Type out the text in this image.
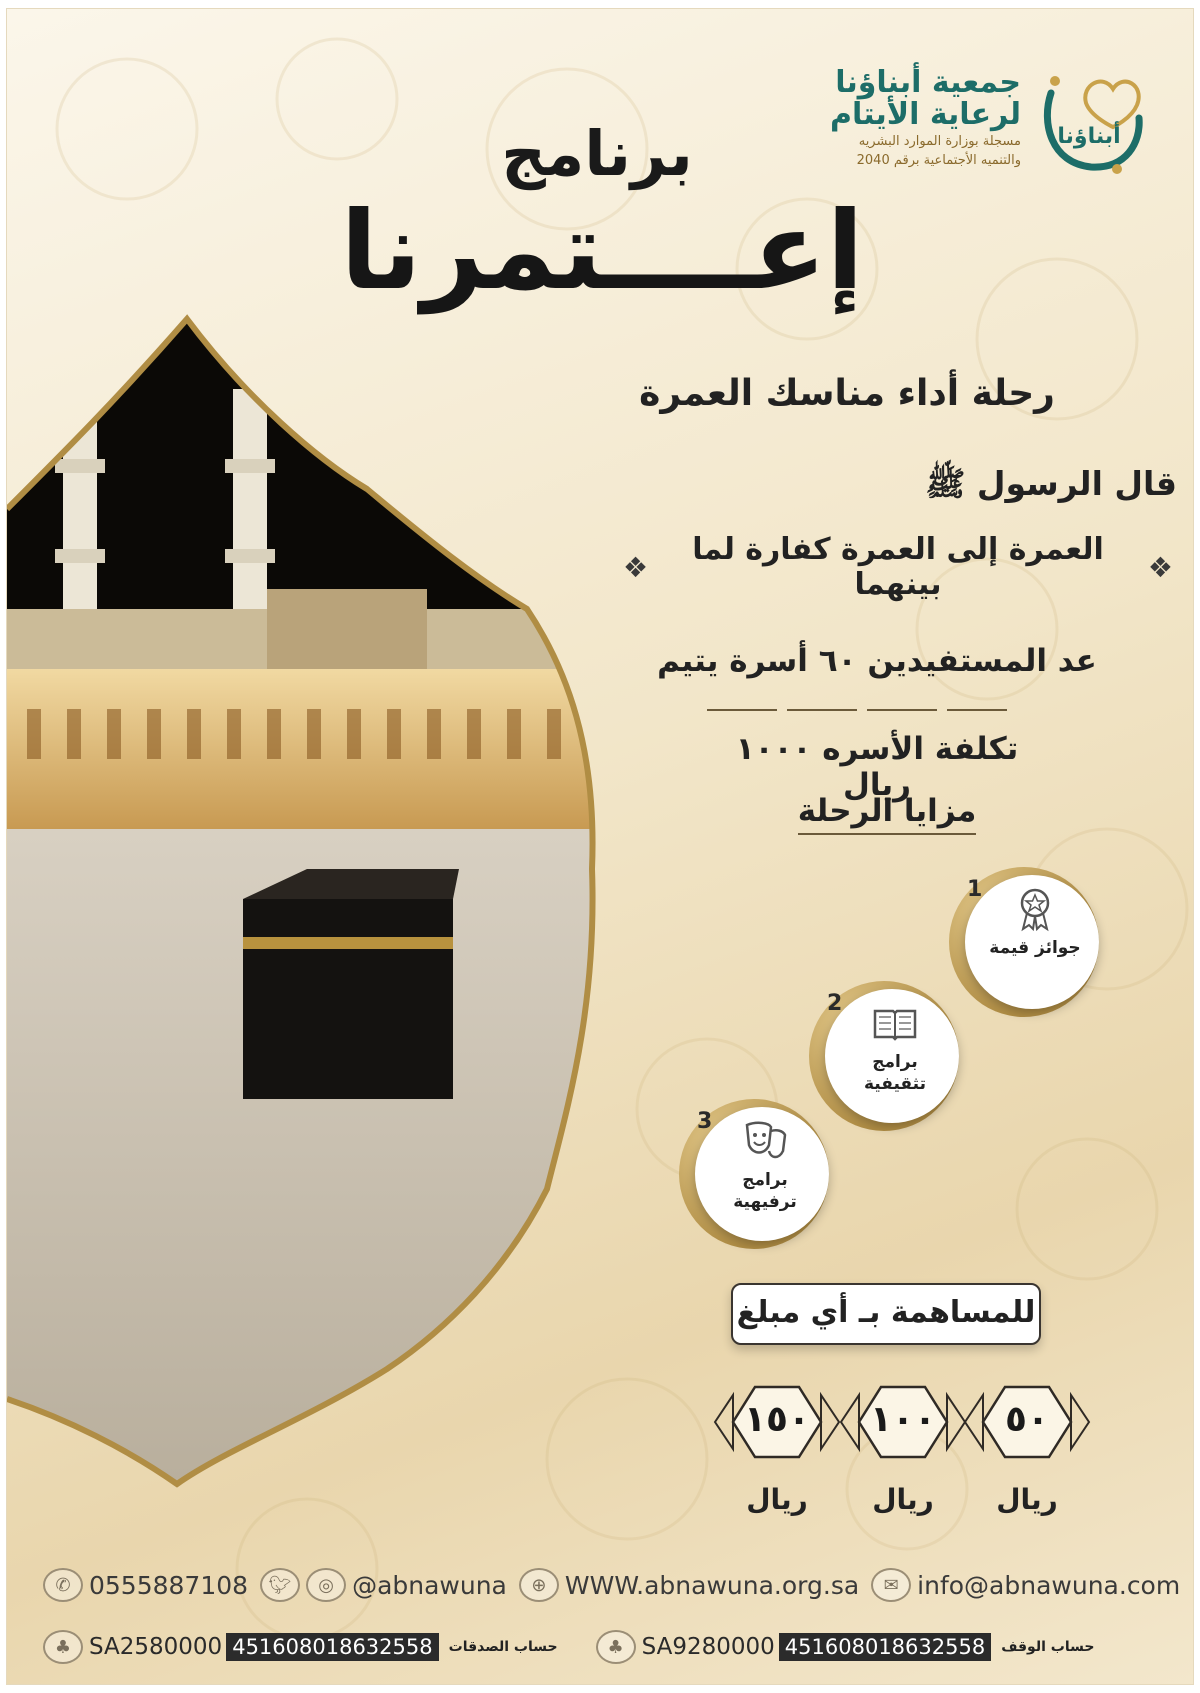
أبناؤنا
جمعية أبناؤنا
لرعاية الأيتام
مسجلة بوزارة الموارد البشريه
والتنميه الأجتماعية برقم 2040
برنامج
إعــــتمرنا
رحلة أداء مناسك العمرة
قال الرسول ﷺ
❖
العمرة إلى العمرة كفارة لما بينهما
❖
عد المستفيدين ٦٠ أسرة يتيم
تكلفة الأسره ١٠٠٠ ريال
مزايا الرحلة
1
جوائز قيمة
2
برامج تثقيفية
3
برامج ترفيهية
للمساهمة بـ أي مبلغ
٥٠
١٠٠
١٥٠
ريال
ريال
ريال
✆ 0555887108	🐦︎	◎ @abnawuna	⊕ WWW.abnawuna.org.sa	✉ info@abnawuna.com
♣ SA2580000 451608018632558	حساب الصدقات	♣ SA9280000 451608018632558	حساب الوقف
